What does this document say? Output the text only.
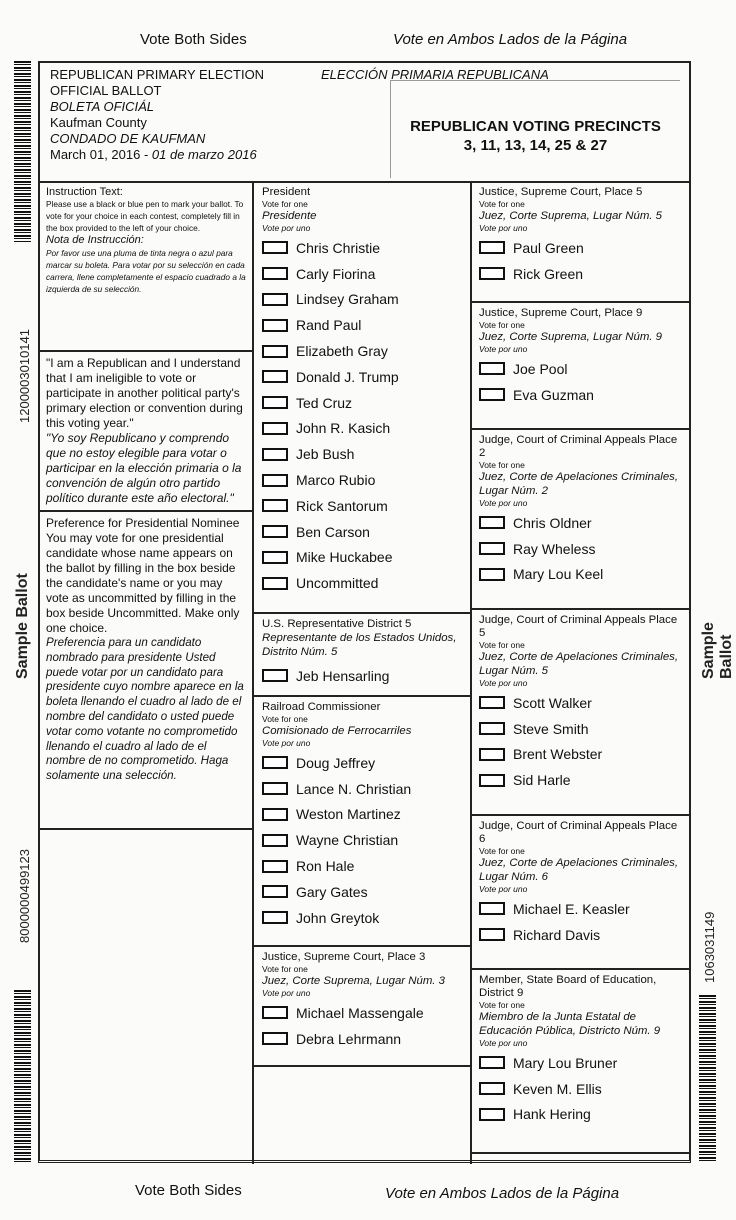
Vote Both Sides	Vote en Ambos Lados de la Página
Vote Both Sides	Vote en Ambos Lados de la Página
1200003010141
Sample Ballot
8000000499123
Sample Ballot
1063031149
REPUBLICAN PRIMARY ELECTION
OFFICIAL BALLOT
BOLETA OFICIÁL
Kaufman County
CONDADO DE KAUFMAN
March 01, 2016 - 01 de marzo 2016
ELECCIÓN PRIMARIA REPUBLICANA
REPUBLICAN VOTING PRECINCTS
3, 11, 13, 14, 25 & 27
Instruction Text:
Please use a black or blue pen to mark your ballot. To vote for your choice in each contest, completely fill in the box provided to the left of your choice.
Nota de Instrucción:
Por favor use una pluma de tinta negra o azul para marcar su boleta. Para votar por su selección en cada carrera, llene completamente el espacio cuadrado a la izquierda de su selección.
"I am a Republican and I understand that I am ineligible to vote or participate in another political party's primary election or convention during this voting year."
"Yo soy Republicano y comprendo que no estoy elegible para votar o participar en la elección primaria o la convención de algún otro partido político durante este año electoral."
Preference for Presidential Nominee You may vote for one presidential candidate whose name appears on the ballot by filling in the box beside the candidate's name or you may vote as uncommitted by filling in the box beside Uncommitted. Make only one choice.
Preferencia para un candidato nombrado para presidente Usted puede votar por un candidato para presidente cuyo nombre aparece en la boleta llenando el cuadro al lado de el nombre del candidato o usted puede votar como votante no comprometido llenando el cuadro al lado de el nombre de no comprometido. Haga solamente una selección.
President
Vote for one
Presidente
Vote por uno
Chris Christie
Carly Fiorina
Lindsey Graham
Rand Paul
Elizabeth Gray
Donald J. Trump
Ted Cruz
John R. Kasich
Jeb Bush
Marco Rubio
Rick Santorum
Ben Carson
Mike Huckabee
Uncommitted
U.S. Representative District 5
Representante de los Estados Unidos, Distrito Núm. 5
Jeb Hensarling
Railroad Commissioner
Vote for one
Comisionado de Ferrocarriles
Vote por uno
Doug Jeffrey
Lance N. Christian
Weston Martinez
Wayne Christian
Ron Hale
Gary Gates
John Greytok
Justice, Supreme Court, Place 3
Vote for one
Juez, Corte Suprema, Lugar Núm. 3
Vote por uno
Michael Massengale
Debra Lehrmann
Justice, Supreme Court, Place 5
Vote for one
Juez, Corte Suprema, Lugar Núm. 5
Vote por uno
Paul Green
Rick Green
Justice, Supreme Court, Place 9
Vote for one
Juez, Corte Suprema, Lugar Núm. 9
Vote por uno
Joe Pool
Eva Guzman
Judge, Court of Criminal Appeals Place 2
Vote for one
Juez, Corte de Apelaciones Criminales, Lugar Núm. 2
Vote por uno
Chris Oldner
Ray Wheless
Mary Lou Keel
Judge, Court of Criminal Appeals Place 5
Vote for one
Juez, Corte de Apelaciones Criminales, Lugar Núm. 5
Vote por uno
Scott Walker
Steve Smith
Brent Webster
Sid Harle
Judge, Court of Criminal Appeals Place 6
Vote for one
Juez, Corte de Apelaciones Criminales, Lugar Núm. 6
Vote por uno
Michael E. Keasler
Richard Davis
Member, State Board of Education, District 9
Vote for one
Miembro de la Junta Estatal de Educación Pública, Districto Núm. 9
Vote por uno
Mary Lou Bruner
Keven M. Ellis
Hank Hering
